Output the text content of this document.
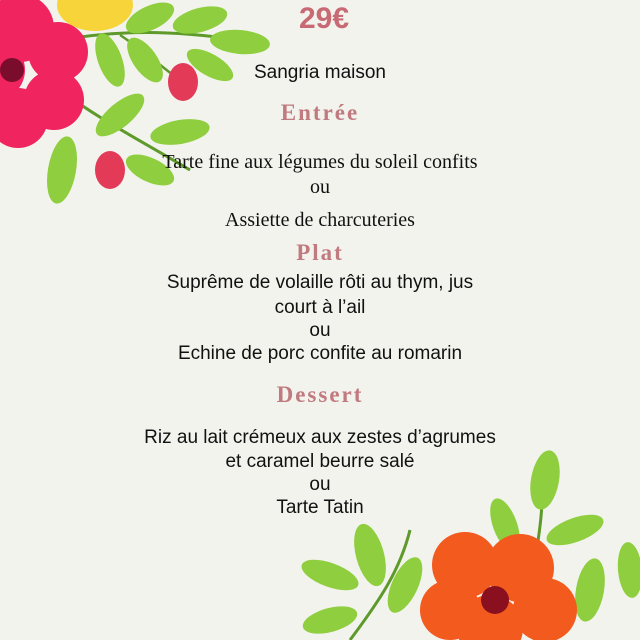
29€
Sangria maison
Entrée
Tarte fine aux légumes du soleil confits
ou
Assiette de charcuteries
Plat
Suprême de volaille rôti au thym, jus
court à l’ail
ou
Echine de porc confite au romarin
Dessert
Riz au lait crémeux aux zestes d’agrumes
et caramel beurre salé
ou
Tarte Tatin
